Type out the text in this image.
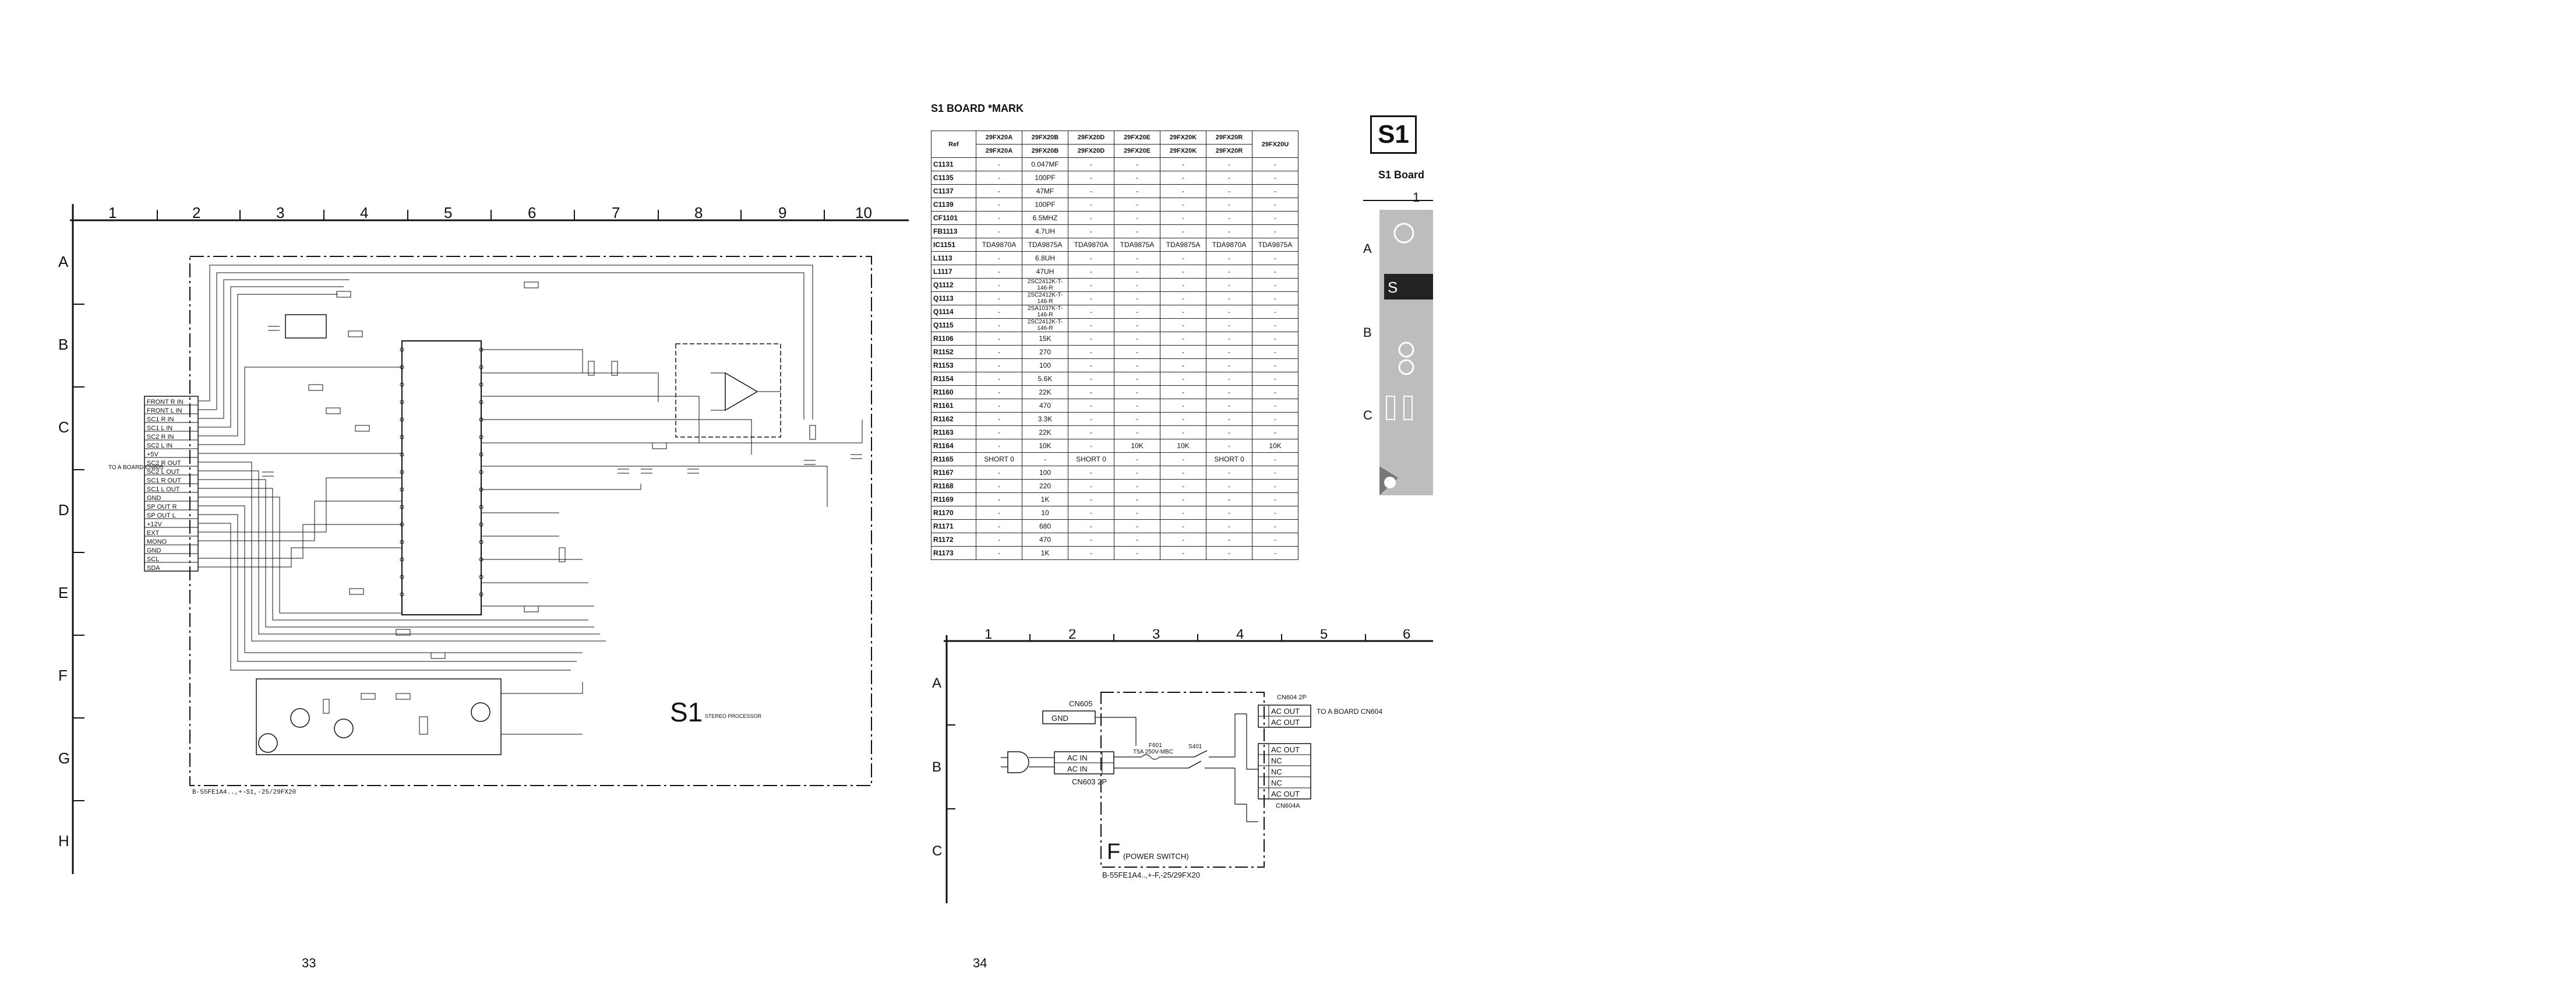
S1 STEREO PROCESSOR
TO A BOARD CN605
B-55FE1A4..,+-S1,-25/29FX20
FRONT R IN
FRONT L IN
SC1 R IN
SC1 L IN
SC2 R IN
SC2 L IN
+5V
SC2 R OUT
SC2 L OUT
SC1 R OUT
SC1 L OUT
GND
SP OUT R
SP OUT L
+12V
EXT
MONO
GND
SCL
SDA
1	2	3	4	5	6	7	8	9	10
A
B
C
D
E
F
G
H
33
S1 BOARD *MARK
Ref	29FX20A	29FX20B	29FX20D	29FX20E	29FX20K	29FX20R	29FX20U
	29FX20A	29FX20B	29FX20D	29FX20E	29FX20K	29FX20R	
C1131	-	0.047MF	-	-	-	-	-
C1135	-	100PF	-	-	-	-	-
C1137	-	47MF	-	-	-	-	-
C1139	-	100PF	-	-	-	-	-
CF1101	-	6.5MHZ	-	-	-	-	-
FB1113	-	4.7UH	-	-	-	-	-
IC1151	TDA9870A	TDA9875A	TDA9870A	TDA9875A	TDA9875A	TDA9870A	TDA9875A
L1113	-	6.8UH	-	-	-	-	-
L1117	-	47UH	-	-	-	-	-
Q1112	-	2SC2412K-T-146-R	-	-	-	-	-
Q1113	-	2SC2412K-T-146-R	-	-	-	-	-
Q1114	-	2SA1037K-T-146-R	-	-	-	-	-
Q1115	-	2SC2412K-T-146-R	-	-	-	-	-
R1106	-	15K	-	-	-	-	-
R1152	-	270	-	-	-	-	-
R1153	-	100	-	-	-	-	-
R1154	-	5.6K	-	-	-	-	-
R1160	-	22K	-	-	-	-	-
R1161	-	470	-	-	-	-	-
R1162	-	3.3K	-	-	-	-	-
R1163	-	22K	-	-	-	-	-
R1164	-	10K	-	10K	10K	-	10K
R1165	SHORT 0	-	SHORT 0	-	-	SHORT 0	-
R1167	-	100	-	-	-	-	-
R1168	-	220	-	-	-	-	-
R1169	-	1K	-	-	-	-	-
R1170	-	10	-	-	-	-	-
R1171	-	680	-	-	-	-	-
R1172	-	470	-	-	-	-	-
R1173	-	1K	-	-	-	-	-
CN605
GND
AC IN
AC IN
CN603 2P
F601
T5A 250V-MBC
S401
CN604 2P
AC OUT
AC OUT
TO A BOARD CN604
AC OUT
NC
NC
NC
AC OUT
CN604A
B-55FE1A4..,+-F,-25/29FX20
F (POWER SWITCH)
1	2	3	4	5	6
A
B
C
34
S1
S1 Board
S
1
A
B
C
